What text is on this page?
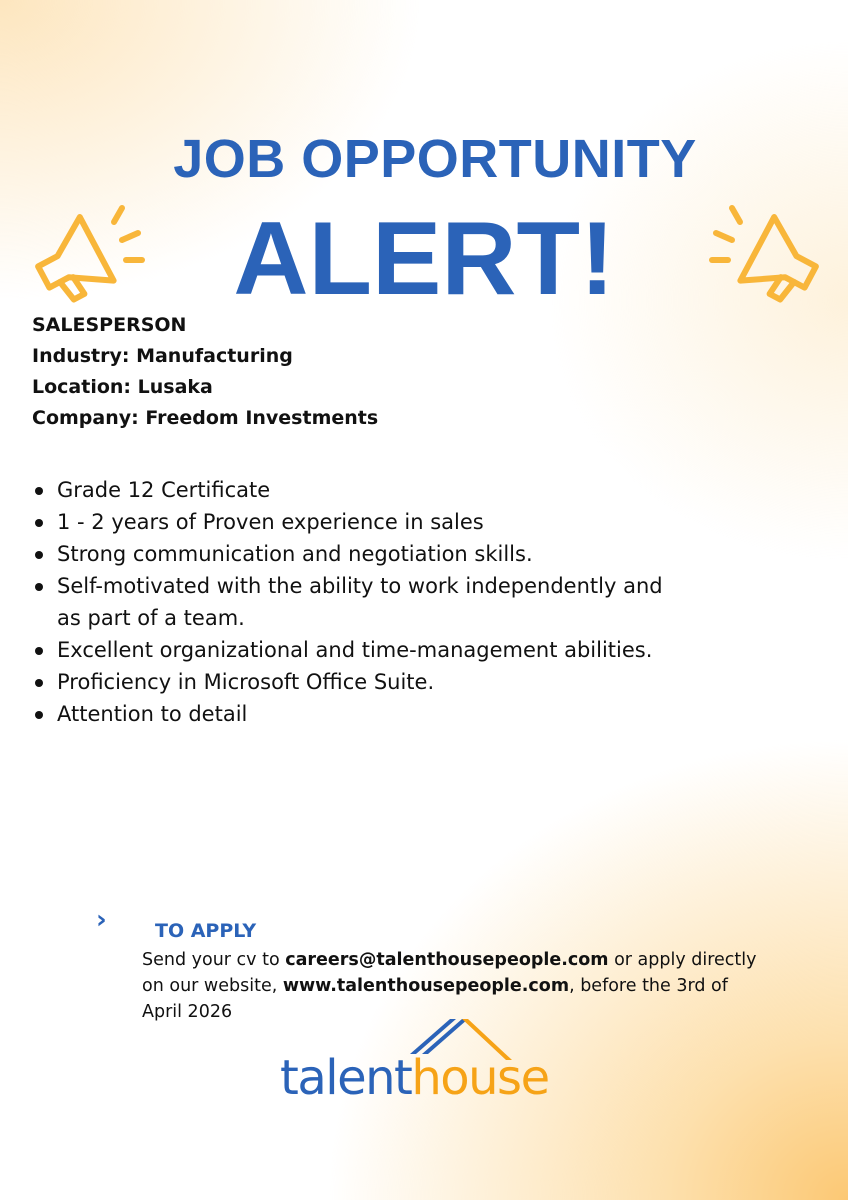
JOB OPPORTUNITY
ALERT!
SALESPERSON
Industry: Manufacturing
Location: Lusaka
Company: Freedom Investments
Grade 12 Certificate
1 - 2 years of Proven experience in sales
Strong communication and negotiation skills.
Self-motivated with the ability to work independently and as part of a team.
Excellent organizational and time-management abilities.
Proficiency in Microsoft Office Suite.
Attention to detail
›	TO APPLY
Send your cv to careers@talenthousepeople.com or apply directly on our website, www.talenthousepeople.com, before the 3rd of April 2026
talenthouse
